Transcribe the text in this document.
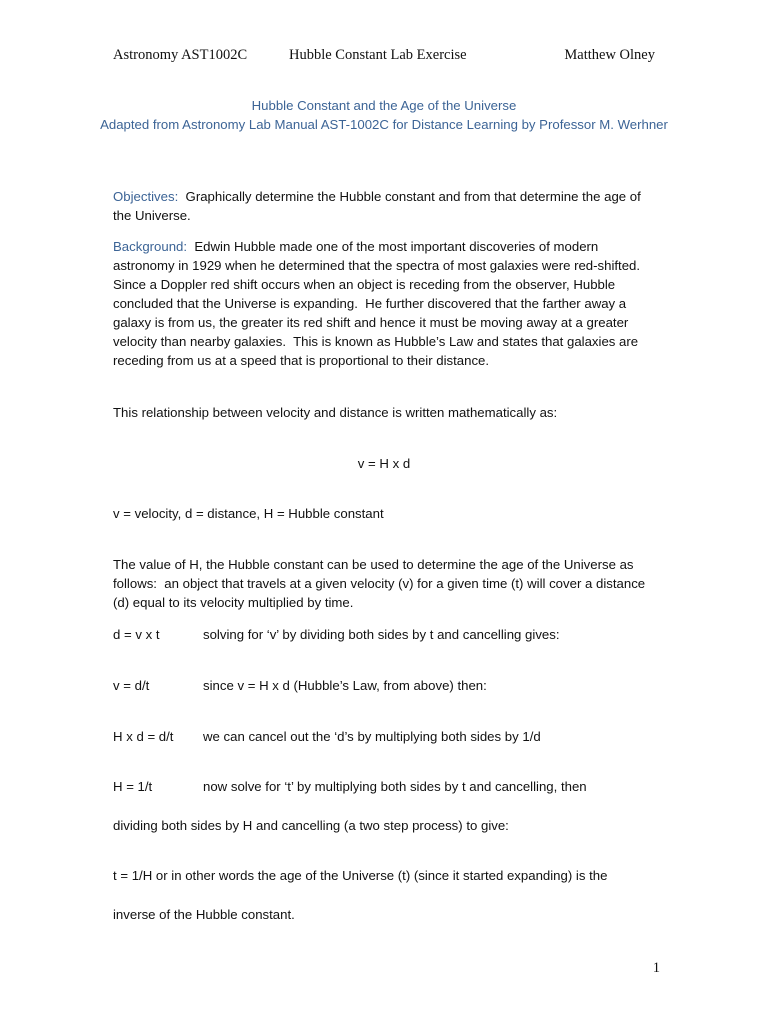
Astronomy AST1002C	Hubble Constant Lab Exercise	Matthew Olney
Hubble Constant and the Age of the Universe
Adapted from Astronomy Lab Manual AST-1002C for Distance Learning by Professor M. Werhner
Objectives:  Graphically determine the Hubble constant and from that determine the age of the Universe.
Background:  Edwin Hubble made one of the most important discoveries of modern astronomy in 1929 when he determined that the spectra of most galaxies were red-shifted.  Since a Doppler red shift occurs when an object is receding from the observer, Hubble concluded that the Universe is expanding.  He further discovered that the farther away a galaxy is from us, the greater its red shift and hence it must be moving away at a greater velocity than nearby galaxies.  This is known as Hubble’s Law and states that galaxies are receding from us at a speed that is proportional to their distance.
This relationship between velocity and distance is written mathematically as:
v = H x d
v = velocity, d = distance, H = Hubble constant
The value of H, the Hubble constant can be used to determine the age of the Universe as follows:  an object that travels at a given velocity (v) for a given time (t) will cover a distance (d) equal to its velocity multiplied by time.
d = v x t	solving for ‘v’ by dividing both sides by t and cancelling gives:
v = d/t	since v = H x d (Hubble’s Law, from above) then:
H x d = d/t we can cancel out the ‘d’s by multiplying both sides by 1/d
H = 1/t	now solve for ‘t’ by multiplying both sides by t and cancelling, then
dividing both sides by H and cancelling (a two step process) to give:
t = 1/H or in other words the age of the Universe (t) (since it started expanding) is the
inverse of the Hubble constant.
1
